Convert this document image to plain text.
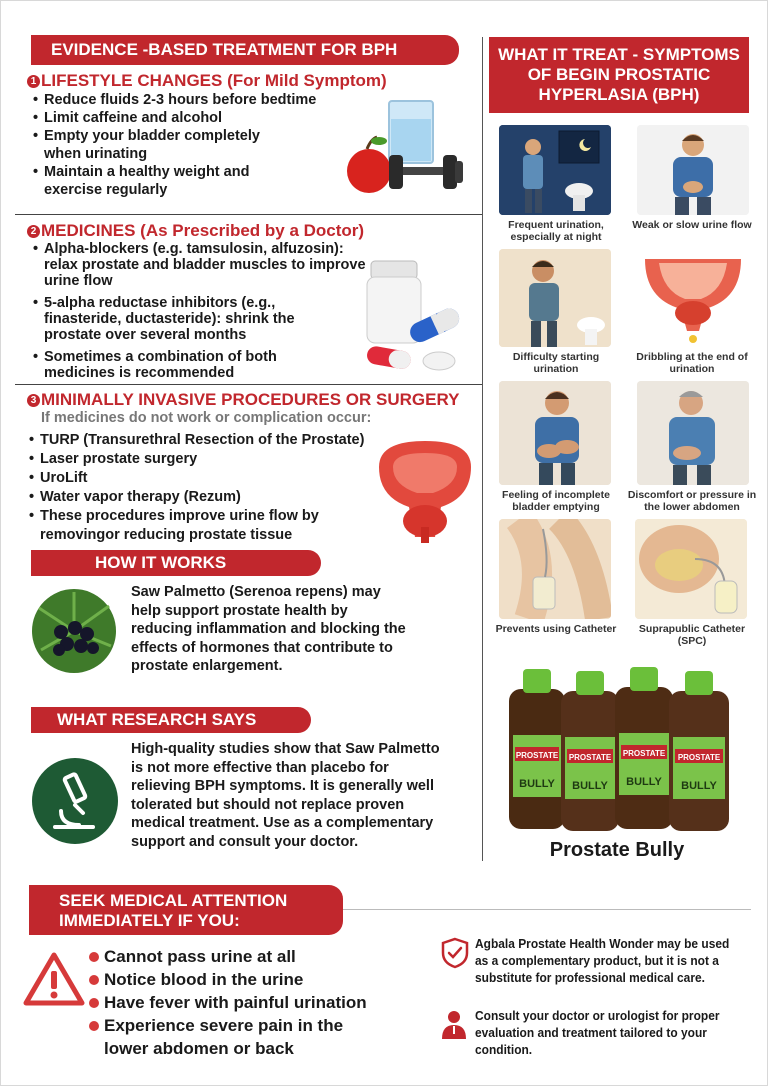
EVIDENCE -BASED TREATMENT FOR BPH
1 LIFESTYLE CHANGES (For Mild Symptom)
• Reduce fluids 2-3 hours before bedtime
• Limit caffeine and alcohol
• Empty your bladder completely when urinating
• Maintain a healthy weight and exercise regularly
2 MEDICINES (As Prescribed by a Doctor)
• Alpha-blockers (e.g. tamsulosin, alfuzosin): relax prostate and bladder muscles to improve urine flow
• 5-alpha reductase inhibitors (e.g., finasteride, ductasteride): shrink the prostate over several months
• Sometimes a combination of both medicines is recommended
3 MINIMALLY INVASIVE PROCEDURES OR SURGERY
If medicines do not work or complication occur:
• TURP (Transurethral Resection of the Prostate)
• Laser prostate surgery
• UroLift
• Water vapor therapy (Rezum)
• These procedures improve urine flow by removingor reducing prostate tissue
HOW IT WORKS
Saw Palmetto (Serenoa repens) may help support prostate health by reducing inflammation and blocking the effects of hormones that contribute to prostate enlargement.
WHAT RESEARCH SAYS
High-quality studies show that Saw Palmetto is not more effective than placebo for relieving BPH symptoms. It is generally well tolerated but should not replace proven medical treatment. Use as a complementary support and consult your doctor.
WHAT IT TREAT - SYMPTOMS OF BEGIN PROSTATIC HYPERLASIA (BPH)
Frequent urination, especially at night
Weak or slow urine flow
Difficulty starting urination
Dribbling at the end of urination
Feeling of incomplete bladder emptying
Discomfort or pressure in the lower abdomen
Prevents using Catheter	Suprapublic Catheter (SPC)
PROSTATE
BULLY
PROSTATE
BULLY
PROSTATE
BULLY
PROSTATE
BULLY
Prostate Bully
SEEK MEDICAL ATTENTION
IMMEDIATELY IF YOU:
Cannot pass urine at all
Notice blood in the urine
Have fever with painful urination
Experience severe pain in the lower abdomen or back
Agbala Prostate Health Wonder may be used as a complementary product, but it is not a substitute for professional medical care.
Consult your doctor or urologist for proper evaluation and treatment tailored to your condition.
